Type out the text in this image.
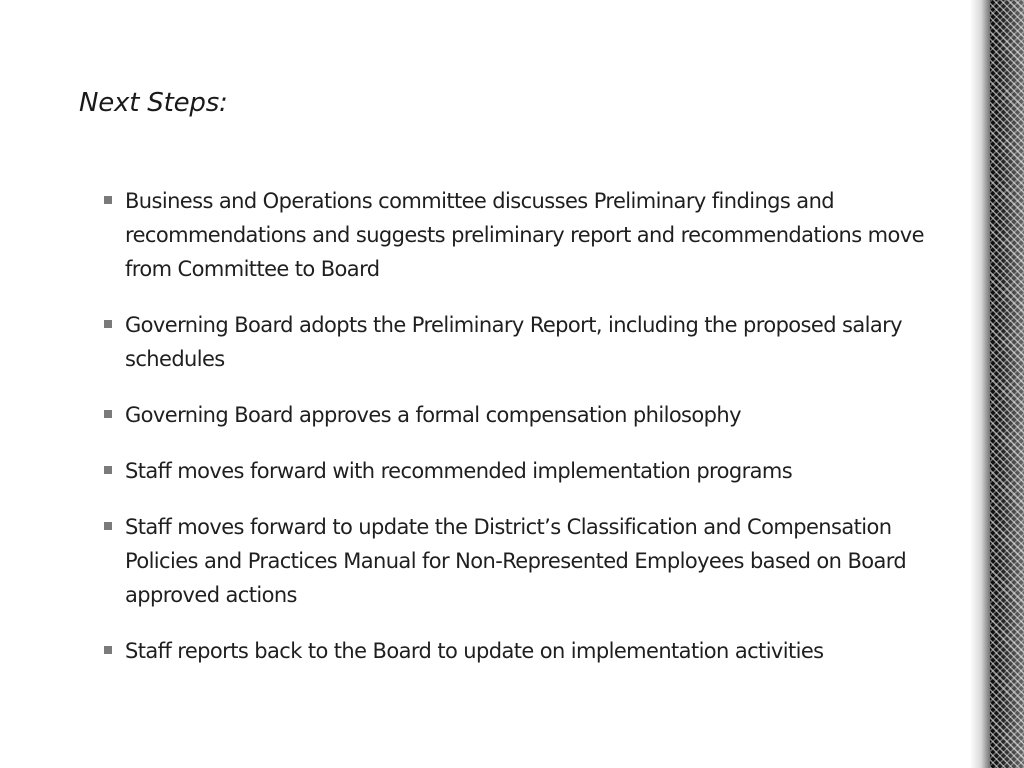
Next Steps:
Business and Operations committee discusses Preliminary findings and recommendations and suggests preliminary report and recommendations move from Committee to Board
Governing Board adopts the Preliminary Report, including the proposed salary schedules
Governing Board approves a formal compensation philosophy
Staff moves forward with recommended implementation programs
Staff moves forward to update the District’s Classification and Compensation Policies and Practices Manual for Non-Represented Employees based on Board approved actions
Staff reports back to the Board to update on implementation activities
